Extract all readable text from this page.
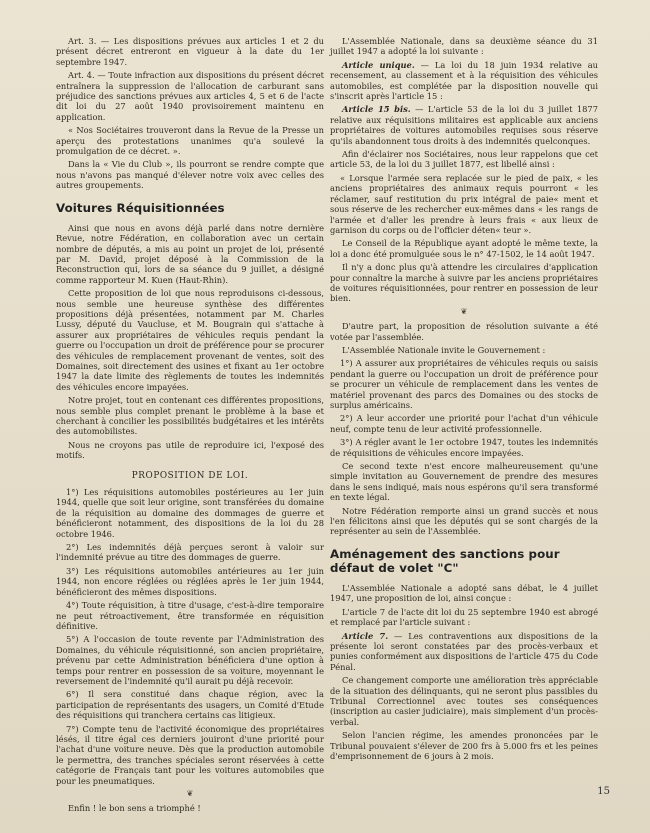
Art. 3. — Les dispositions prévues aux articles 1 et 2 du présent décret entreront en vigueur à la date du 1er septembre 1947.

Art. 4. — Toute infraction aux dispositions du présent décret entraînera la suppression de l'allocation de carburant sans préjudice des sanctions prévues aux articles 4, 5 et 6 de l'acte dit loi du 27 août 1940 provisoirement maintenu en application.

« Nos Sociétaires trouveront dans la Revue de la Presse un aperçu des protestations unanimes qu'a soulevé la promulgation de ce décret. ».

Dans la « Vie du Club », ils pourront se rendre compte que nous n'avons pas manqué d'élever notre voix avec celles des autres groupements.

Voitures Réquisitionnées

Ainsi que nous en avons déjà parlé dans notre dernière Revue, notre Fédération, en collaboration avec un certain nombre de députés, a mis au point un projet de loi, présenté par M. David, projet déposé à la Commission de la Reconstruction qui, lors de sa séance du 9 juillet, a désigné comme rapporteur M. Kuen (Haut-Rhin).

Cette proposition de loi que nous reproduisons ci-dessous, nous semble une heureuse synthèse des différentes propositions déjà présentées, notamment par M. Charles Lussy, député du Vaucluse, et M. Bougrain qui s'attache à assurer aux propriétaires de véhicules requis pendant la guerre ou l'occupation un droit de préférence pour se procurer des véhicules de remplacement provenant de ventes, soit des Domaines, soit directement des usines et fixant au 1er octobre 1947 la date limite des règlements de toutes les indemnités des véhicules encore impayées.

Notre projet, tout en contenant ces différentes propositions, nous semble plus complet prenant le problème à la base et cherchant à concilier les possibilités budgétaires et les intérêts des automobilistes.

Nous ne croyons pas utile de reproduire ici, l'exposé des motifs.

PROPOSITION DE LOI.

1°) Les réquisitions automobiles postérieures au 1er juin 1944, quelle que soit leur origine, sont transférées du domaine de la réquisition au domaine des dommages de guerre et bénéficieront notamment, des dispositions de la loi du 28 octobre 1946.

2°) Les indemnités déjà perçues seront à valoir sur l'indemnité prévue au titre des dommages de guerre.

3°) Les réquisitions automobiles antérieures au 1er juin 1944, non encore réglées ou réglées après le 1er juin 1944, bénéficieront des mêmes dispositions.

4°) Toute réquisition, à titre d'usage, c'est-à-dire temporaire ne peut rétroactivement, être transformée en réquisition définitive.

5°) A l'occasion de toute revente par l'Administration des Domaines, du véhicule réquisitionné, son ancien propriétaire, prévenu par cette Administration bénéficiera d'une option à temps pour rentrer en possession de sa voiture, moyennant le reversement de l'indemnité qu'il aurait pu déjà recevoir.

6°) Il sera constitué dans chaque région, avec la participation de représentants des usagers, un Comité d'Etude des réquisitions qui tranchera certains cas litigieux.

7°) Compte tenu de l'activité économique des propriétaires lésés, il titre égal ces derniers jouiront d'une priorité pour l'achat d'une voiture neuve. Dès que la production automobile le permettra, des tranches spéciales seront réservées à cette catégorie de Français tant pour les voitures automobiles que pour les pneumatiques.

❦

Enfin ! le bon sens a triomphé !

L'Assemblée Nationale, dans sa deuxième séance du 31 juillet 1947 a adopté la loi suivante :

Article unique. — La loi du 18 juin 1934 relative au recensement, au classement et à la réquisition des véhicules automobiles, est complétée par la disposition nouvelle qui s'inscrit après l'article 15 :

Article 15 bis. — L'article 53 de la loi du 3 juillet 1877 relative aux réquisitions militaires est applicable aux anciens propriétaires de voitures automobiles requises sous réserve qu'ils abandonnent tous droits à des indemnités quelconques.

Afin d'éclairer nos Sociétaires, nous leur rappelons que cet article 53, de la loi du 3 juillet 1877, est libellé ainsi :

« Lorsque l'armée sera replacée sur le pied de paix, « les anciens propriétaires des animaux requis pourront « les réclamer, sauf restitution du prix intégral de paie« ment et sous réserve de les rechercher eux-mêmes dans « les rangs de l'armée et d'aller les prendre à leurs frais « aux lieux de garnison du corps ou de l'officier déten« teur ».

Le Conseil de la République ayant adopté le même texte, la loi a donc été promulguée sous le n° 47-1502, le 14 août 1947.

Il n'y a donc plus qu'à attendre les circulaires d'application pour connaître la marche à suivre par les anciens propriétaires de voitures réquisitionnées, pour rentrer en possession de leur bien.

❦

D'autre part, la proposition de résolution suivante a été votée par l'assemblée.

L'Assemblée Nationale invite le Gouvernement :

1°) A assurer aux propriétaires de véhicules requis ou saisis pendant la guerre ou l'occupation un droit de préférence pour se procurer un véhicule de remplacement dans les ventes de matériel provenant des parcs des Domaines ou des stocks de surplus américains.

2°) A leur accorder une priorité pour l'achat d'un véhicule neuf, compte tenu de leur activité professionnelle.

3°) A régler avant le 1er octobre 1947, toutes les indemnités de réquisitions de véhicules encore impayées.

Ce second texte n'est encore malheureusement qu'une simple invitation au Gouvernement de prendre des mesures dans le sens indiqué, mais nous espérons qu'il sera transformé en texte légal.

Notre Fédération remporte ainsi un grand succès et nous l'en félicitons ainsi que les députés qui se sont chargés de la représenter au sein de l'Assemblée.

Aménagement des sanctions pour défaut de volet "C"

L'Assemblée Nationale a adopté sans débat, le 4 juillet 1947, une proposition de loi, ainsi conçue :

L'article 7 de l'acte dit loi du 25 septembre 1940 est abrogé et remplacé par l'article suivant :

Article 7. — Les contraventions aux dispositions de la présente loi seront constatées par des procès-verbaux et punies conformément aux dispositions de l'article 475 du Code Pénal.

Ce changement comporte une amélioration très appréciable de la situation des délinquants, qui ne seront plus passibles du Tribunal Correctionnel avec toutes ses conséquences (inscription au casier judiciaire), mais simplement d'un procès-verbal.

Selon l'ancien régime, les amendes prononcées par le Tribunal pouvaient s'élever de 200 frs à 5.000 frs et les peines d'emprisonnement de 6 jours à 2 mois.

15
